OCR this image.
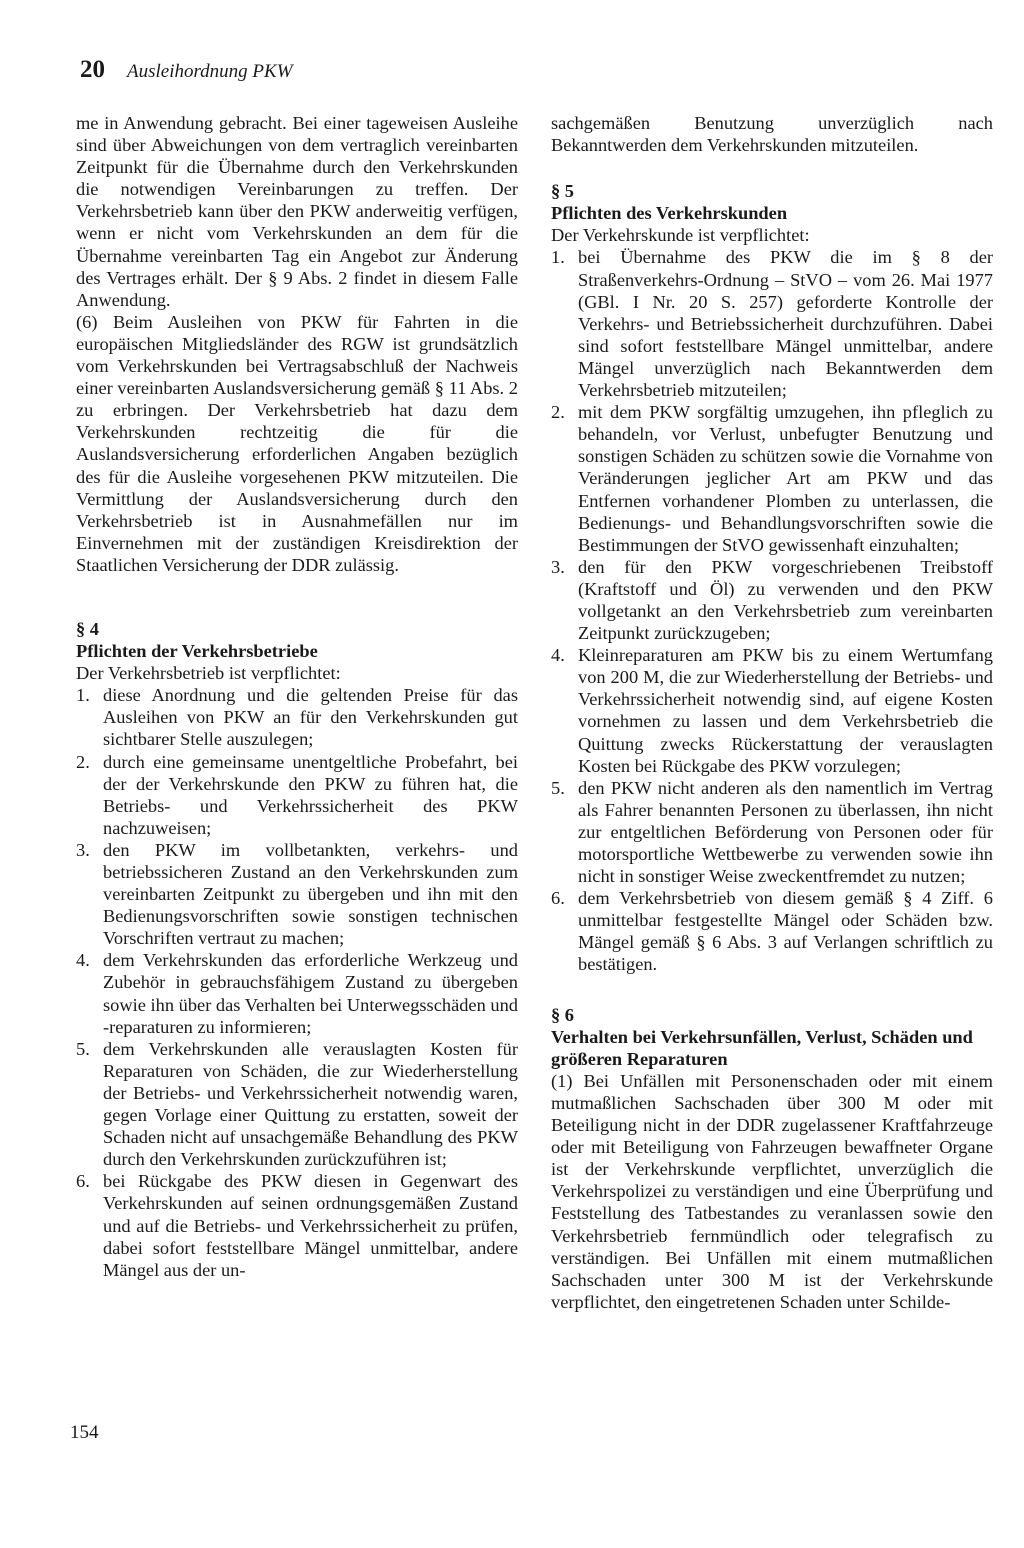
20 Ausleihordnung PKW

me in Anwendung gebracht. Bei einer tageweisen Ausleihe sind über Abweichungen von dem vertraglich vereinbarten Zeitpunkt für die Übernahme durch den Verkehrskunden die notwendigen Vereinbarungen zu treffen. Der Verkehrsbetrieb kann über den PKW anderweitig verfügen, wenn er nicht vom Verkehrskunden an dem für die Übernahme vereinbarten Tag ein Angebot zur Änderung des Vertrages erhält. Der § 9 Abs. 2 findet in diesem Falle Anwendung.

(6) Beim Ausleihen von PKW für Fahrten in die europäischen Mitgliedsländer des RGW ist grundsätzlich vom Verkehrskunden bei Vertragsabschluß der Nachweis einer vereinbarten Auslandsversicherung gemäß § 11 Abs. 2 zu erbringen. Der Verkehrsbetrieb hat dazu dem Verkehrskunden rechtzeitig die für die Auslandsversicherung erforderlichen Angaben bezüglich des für die Ausleihe vorgesehenen PKW mitzuteilen. Die Vermittlung der Auslandsversicherung durch den Verkehrsbetrieb ist in Ausnahmefällen nur im Einvernehmen mit der zuständigen Kreisdirektion der Staatlichen Versicherung der DDR zulässig.

§ 4
Pflichten der Verkehrsbetriebe

Der Verkehrsbetrieb ist verpflichtet:

1. diese Anordnung und die geltenden Preise für das Ausleihen von PKW an für den Verkehrskunden gut sichtbarer Stelle auszulegen;
2. durch eine gemeinsame unentgeltliche Probefahrt, bei der der Verkehrskunde den PKW zu führen hat, die Betriebs- und Verkehrssicherheit des PKW nachzuweisen;
3. den PKW im vollbetankten, verkehrs- und betriebssicheren Zustand an den Verkehrskunden zum vereinbarten Zeitpunkt zu übergeben und ihn mit den Bedienungsvorschriften sowie sonstigen technischen Vorschriften vertraut zu machen;
4. dem Verkehrskunden das erforderliche Werkzeug und Zubehör in gebrauchsfähigem Zustand zu übergeben sowie ihn über das Verhalten bei Unterwegsschäden und -reparaturen zu informieren;
5. dem Verkehrskunden alle verauslagten Kosten für Reparaturen von Schäden, die zur Wiederherstellung der Betriebs- und Verkehrssicherheit notwendig waren, gegen Vorlage einer Quittung zu erstatten, soweit der Schaden nicht auf unsachgemäße Behandlung des PKW durch den Verkehrskunden zurückzuführen ist;
6. bei Rückgabe des PKW diesen in Gegenwart des Verkehrskunden auf seinen ordnungsgemäßen Zustand und auf die Betriebs- und Verkehrssicherheit zu prüfen, dabei sofort feststellbare Mängel unmittelbar, andere Mängel aus der un-

sachgemäßen Benutzung unverzüglich nach Bekanntwerden dem Verkehrskunden mitzuteilen.

§ 5
Pflichten des Verkehrskunden

Der Verkehrskunde ist verpflichtet:

1. bei Übernahme des PKW die im § 8 der Straßenverkehrs-Ordnung – StVO – vom 26. Mai 1977 (GBl. I Nr. 20 S. 257) geforderte Kontrolle der Verkehrs- und Betriebssicherheit durchzuführen. Dabei sind sofort feststellbare Mängel unmittelbar, andere Mängel unverzüglich nach Bekanntwerden dem Verkehrsbetrieb mitzuteilen;
2. mit dem PKW sorgfältig umzugehen, ihn pfleglich zu behandeln, vor Verlust, unbefugter Benutzung und sonstigen Schäden zu schützen sowie die Vornahme von Veränderungen jeglicher Art am PKW und das Entfernen vorhandener Plomben zu unterlassen, die Bedienungs- und Behandlungsvorschriften sowie die Bestimmungen der StVO gewissenhaft einzuhalten;
3. den für den PKW vorgeschriebenen Treibstoff (Kraftstoff und Öl) zu verwenden und den PKW vollgetankt an den Verkehrsbetrieb zum vereinbarten Zeitpunkt zurückzugeben;
4. Kleinreparaturen am PKW bis zu einem Wertumfang von 200 M, die zur Wiederherstellung der Betriebs- und Verkehrssicherheit notwendig sind, auf eigene Kosten vornehmen zu lassen und dem Verkehrsbetrieb die Quittung zwecks Rückerstattung der verauslagten Kosten bei Rückgabe des PKW vorzulegen;
5. den PKW nicht anderen als den namentlich im Vertrag als Fahrer benannten Personen zu überlassen, ihn nicht zur entgeltlichen Beförderung von Personen oder für motorsportliche Wettbewerbe zu verwenden sowie ihn nicht in sonstiger Weise zweckentfremdet zu nutzen;
6. dem Verkehrsbetrieb von diesem gemäß § 4 Ziff. 6 unmittelbar festgestellte Mängel oder Schäden bzw. Mängel gemäß § 6 Abs. 3 auf Verlangen schriftlich zu bestätigen.
§ 6
Verhalten bei Verkehrsunfällen, Verlust, Schäden und größeren Reparaturen

(1) Bei Unfällen mit Personenschaden oder mit einem mutmaßlichen Sachschaden über 300 M oder mit Beteiligung nicht in der DDR zugelassener Kraftfahrzeuge oder mit Beteiligung von Fahrzeugen bewaffneter Organe ist der Verkehrskunde verpflichtet, unverzüglich die Verkehrspolizei zu verständigen und eine Überprüfung und Feststellung des Tatbestandes zu veranlassen sowie den Verkehrsbetrieb fernmündlich oder telegrafisch zu verständigen. Bei Unfällen mit einem mutmaßlichen Sachschaden unter 300 M ist der Verkehrskunde verpflichtet, den eingetretenen Schaden unter Schilde-

154
